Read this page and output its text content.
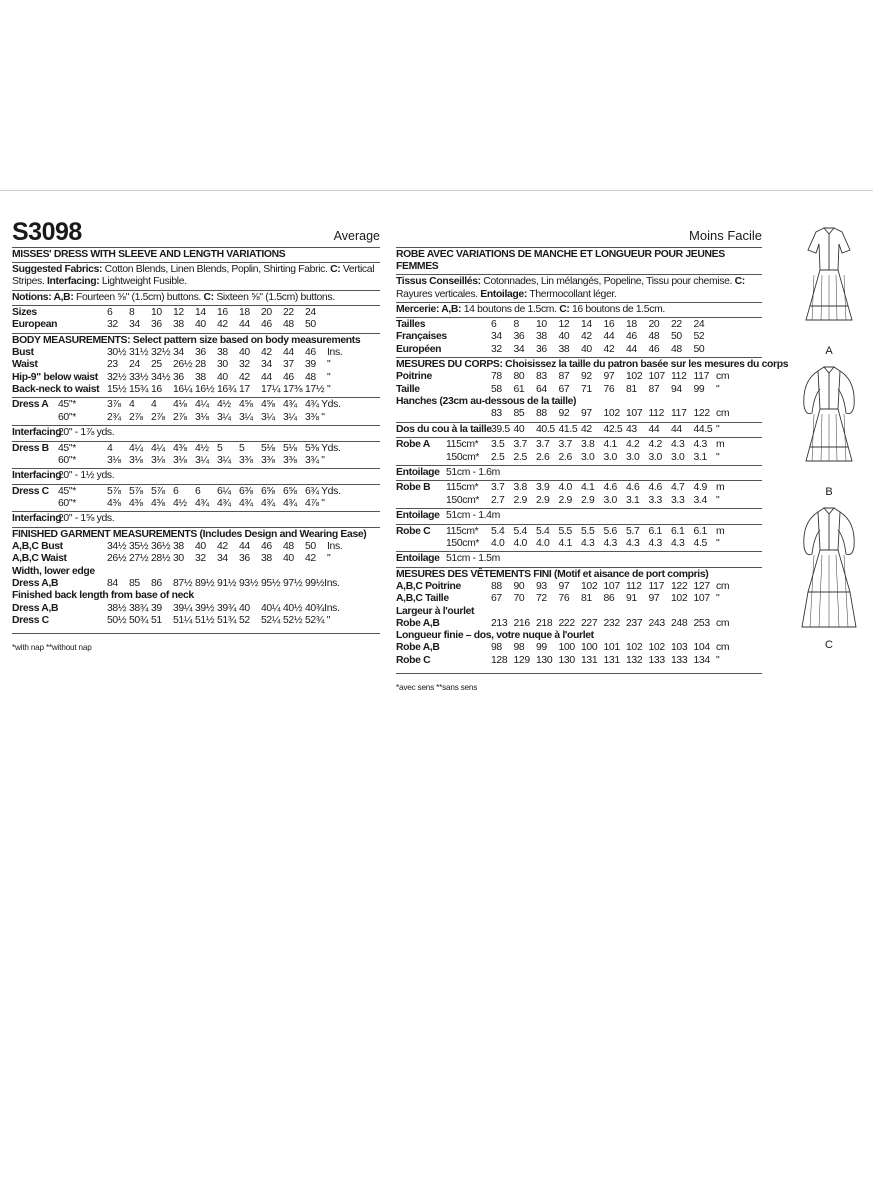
S3098	Average
MISSES' DRESS WITH SLEEVE AND LENGTH VARIATIONS
Suggested Fabrics: Cotton Blends, Linen Blends, Poplin, Shirting Fabric. C: Vertical Stripes. Interfacing: Lightweight Fusible.
Notions: A,B: Fourteen ⅝" (1.5cm) buttons. C: Sixteen ⅝" (1.5cm) buttons.
Sizes	6	8	10	12	14	16	18	20	22	24
European	32	34	36	38	40	42	44	46	48	50
BODY MEASUREMENTS: Select pattern size based on body measurements
Bust	30½ 31½ 32½ 34	36	38	40	42	44	46	Ins.
Waist	23	24	25	26½ 28	30	32	34	37	39	"
Hip-9" below waist 32½ 33½ 34½ 36	38	40	42	44	46	48	"
Back-neck to waist 15½ 15¾ 16	16¼ 16½ 16¾ 17	17¼ 17⅜ 17½ "
Dress A 45"*	3⅞ 4	4	4⅛ 4¼ 4½ 4⅝ 4⅝ 4¾ 4¾ Yds.
60"*	2¾ 2⅞ 2⅞ 2⅞ 3⅛ 3¼ 3¼ 3¼ 3¼ 3⅜ "
Interfacing
20" - 1⅞ yds.
Dress B 45"*	4	4¼ 4¼ 4⅜ 4½ 5	5	5⅛ 5⅛ 5⅜ Yds.
60"*	3⅛ 3⅛ 3⅛ 3⅛ 3¼ 3¼ 3⅜ 3⅜ 3⅜ 3¾ "
Interfacing
20" - 1½ yds.
Dress C 45"*	5⅞ 5⅞ 5⅞ 6	6	6¼ 6⅜ 6⅝ 6⅝ 6¾ Yds.
60"*	4⅜ 4⅜ 4⅜ 4½ 4¾ 4¾ 4¾ 4¾ 4¾ 4⅞ "
Interfacing
20" - 1⅝ yds.
FINISHED GARMENT MEASUREMENTS (Includes Design and Wearing Ease)
A,B,C Bust	34½ 35½ 36½ 38	40	42	44	46	48	50	Ins.
A,B,C Waist	26½ 27½ 28½ 30	32	34	36	38	40	42	"
Width, lower edge
Dress A,B	84	85	86	87½ 89½ 91½ 93½ 95½ 97½ 99½Ins.
Finished back length from base of neck
Dress A,B	38½ 38¾ 39	39¼ 39½ 39¾ 40	40¼ 40½ 40¾Ins.
Dress C	50½ 50¾ 51	51¼ 51½ 51¾ 52	52¼ 52½ 52¾ "
*with nap **without nap
Moins Facile
ROBE AVEC VARIATIONS DE MANCHE ET LONGUEUR POUR JEUNES FEMMES
Tissus Conseillés: Cotonnades, Lin mélangés, Popeline, Tissu pour chemise. C: Rayures verticales. Entoilage: Thermocollant léger.
Mercerie: A,B: 14 boutons de 1.5cm. C: 16 boutons de 1.5cm.
Tailles	6	8	10	12	14	16	18	20	22	24
Françaises	34	36	38	40	42	44	46	48	50	52
Européen	32	34	36	38	40	42	44	46	48	50
MESURES DU CORPS: Choisissez la taille du patron basée sur les mesures du corps
Poitrine	78	80	83	87	92	97	102 107 112 117 cm
Taille	58	61	64	67	71	76	81	87	94	99	"
Hanches (23cm au-dessous de la taille)
83	85	88	92	97	102 107 112 117 122 cm
Dos du cou à la taille 39.5 40	40.5 41.5 42	42.5 43	44	44	44.5 "
Robe A	115cm*	3.5 3.7 3.7 3.7 3.8 4.1 4.2 4.2 4.3 4.3 m
150cm*	2.5 2.5 2.6 2.6 3.0 3.0 3.0 3.0 3.0 3.1 "
Entoilage 51cm - 1.6m
Robe B	115cm*	3.7 3.8 3.9 4.0 4.1 4.6 4.6 4.6 4.7 4.9 m
150cm*	2.7 2.9 2.9 2.9 2.9 3.0 3.1 3.3 3.3 3.4 "
Entoilage 51cm - 1.4m
Robe C	115cm*	5.4 5.4 5.4 5.5 5.5 5.6 5.7 6.1 6.1 6.1 m
150cm*	4.0 4.0 4.0 4.1 4.3 4.3 4.3 4.3 4.3 4.5 "
Entoilage 51cm - 1.5m
MESURES DES VÊTEMENTS FINI (Motif et aisance de port compris)
A,B,C Poitrine	88	90	93	97	102 107 112 117 122 127 cm
A,B,C Taille	67	70	72	76	81	86	91	97	102 107 "
Largeur à l'ourlet
Robe A,B	213 216 218 222 227 232 237 243 248 253 cm
Longueur finie – dos, votre nuque à l'ourlet
Robe A,B	98	98	99	100 100 101 102 102 103 104 cm
Robe C	128 129 130 130 131 131 132 133 133 134 "
*avec sens **sans sens
A
B
C
